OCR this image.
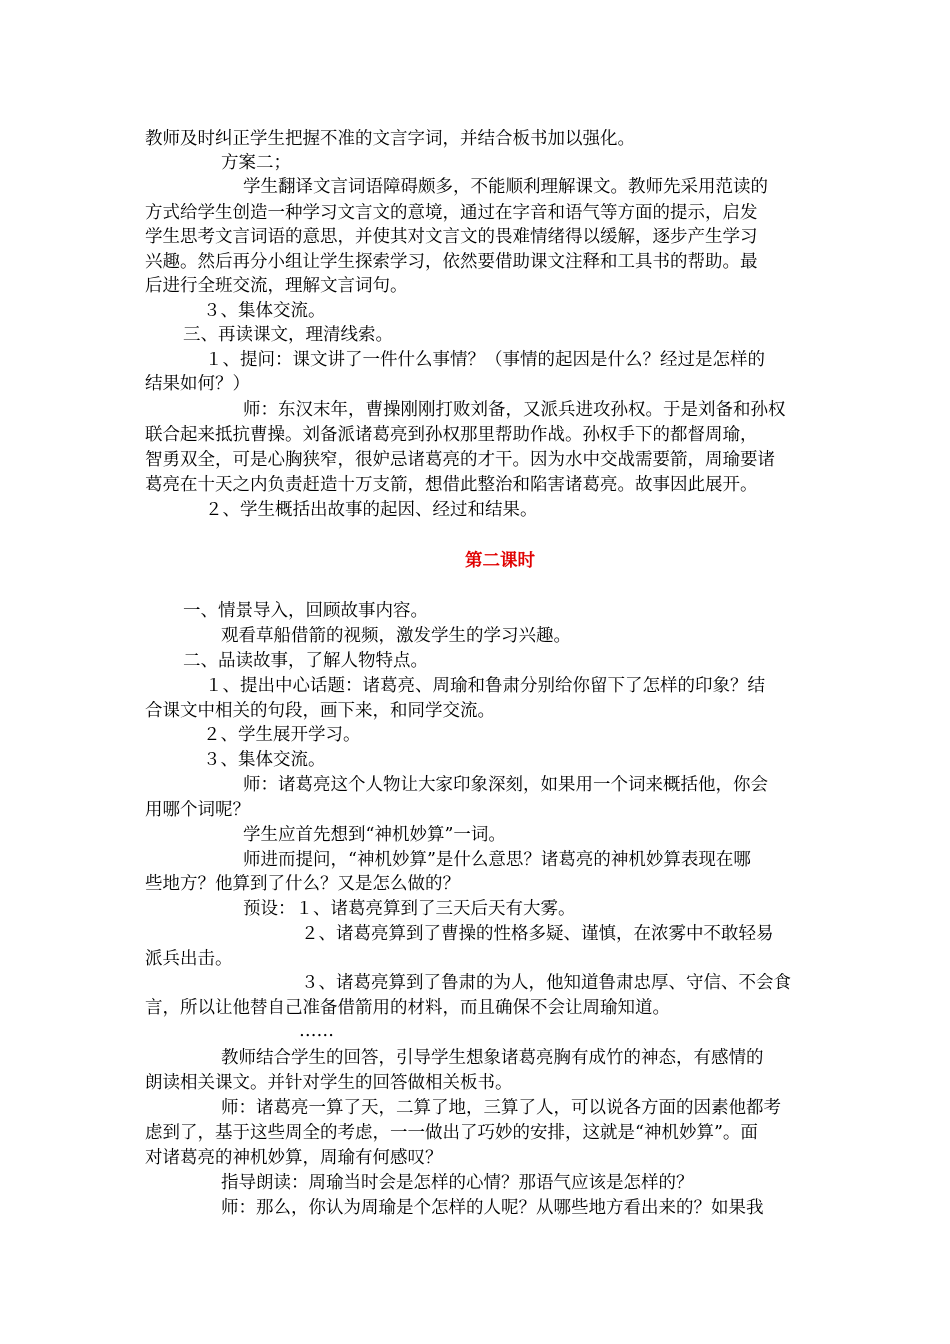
教师及时纠正学生把握不准的文言字词，并结合板书加以强化。
方案二；
学生翻译文言词语障碍颇多，不能顺利理解课文。教师先采用范读的
方式给学生创造一种学习文言文的意境，通过在字音和语气等方面的提示，启发
学生思考文言词语的意思，并使其对文言文的畏难情绪得以缓解，逐步产生学习
兴趣。然后再分小组让学生探索学习，依然要借助课文注释和工具书的帮助。最
后进行全班交流，理解文言词句。
３、集体交流。
三、再读课文，理清线索。
１、提问：课文讲了一件什么事情？（事情的起因是什么？经过是怎样的
结果如何？）
师：东汉末年，曹操刚刚打败刘备，又派兵进攻孙权。于是刘备和孙权
联合起来抵抗曹操。刘备派诸葛亮到孙权那里帮助作战。孙权手下的都督周瑜，
智勇双全，可是心胸狭窄，很妒忌诸葛亮的才干。因为水中交战需要箭，周瑜要诸
葛亮在十天之内负责赶造十万支箭，想借此整治和陷害诸葛亮。故事因此展开。
２、学生概括出故事的起因、经过和结果。
第二课时
一、情景导入，回顾故事内容。
观看草船借箭的视频，激发学生的学习兴趣。
二、品读故事，了解人物特点。
１、提出中心话题：诸葛亮、周瑜和鲁肃分别给你留下了怎样的印象？结
合课文中相关的句段，画下来，和同学交流。
２、学生展开学习。
３、集体交流。
师：诸葛亮这个人物让大家印象深刻，如果用一个词来概括他，你会
用哪个词呢？
学生应首先想到“神机妙算”一词。
师进而提问，“神机妙算”是什么意思？诸葛亮的神机妙算表现在哪
些地方？他算到了什么？又是怎么做的？
预设：１、诸葛亮算到了三天后天有大雾。
２、诸葛亮算到了曹操的性格多疑、谨慎，在浓雾中不敢轻易
派兵出击。
３、诸葛亮算到了鲁肃的为人，他知道鲁肃忠厚、守信、不会食
言，所以让他替自己准备借箭用的材料，而且确保不会让周瑜知道。
……
教师结合学生的回答，引导学生想象诸葛亮胸有成竹的神态，有感情的
朗读相关课文。并针对学生的回答做相关板书。
师：诸葛亮一算了天，二算了地，三算了人，可以说各方面的因素他都考
虑到了，基于这些周全的考虑，一一做出了巧妙的安排，这就是“神机妙算”。面
对诸葛亮的神机妙算，周瑜有何感叹？
指导朗读：周瑜当时会是怎样的心情？那语气应该是怎样的？
师：那么，你认为周瑜是个怎样的人呢？从哪些地方看出来的？如果我
